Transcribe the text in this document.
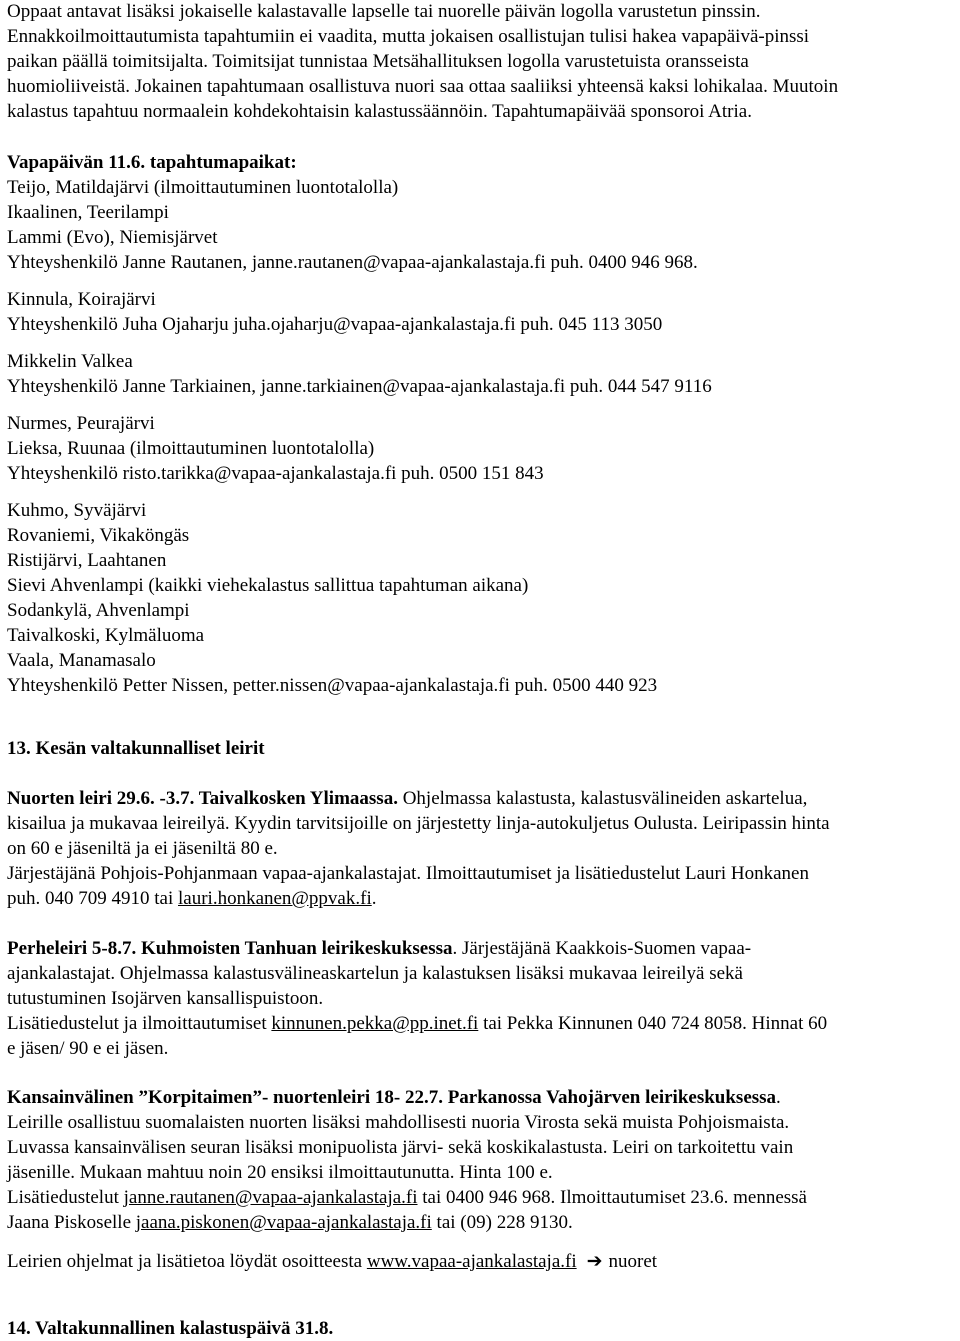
Oppaat antavat lisäksi jokaiselle kalastavalle lapselle tai nuorelle päivän logolla varustetun pinssin.

Ennakkoilmoittautumista tapahtumiin ei vaadita, mutta jokaisen osallistujan tulisi hakea vapapäivä-pinssi

paikan päällä toimitsijalta. Toimitsijat tunnistaa Metsähallituksen logolla varustetuista oransseista

huomioliiveistä. Jokainen tapahtumaan osallistuva nuori saa ottaa saaliiksi yhteensä kaksi lohikalaa. Muutoin

kalastus tapahtuu normaalein kohdekohtaisin kalastussäännöin. Tapahtumapäivää sponsoroi Atria.

Vapapäivän 11.6. tapahtumapaikat:

Teijo, Matildajärvi (ilmoittautuminen luontotalolla)

Ikaalinen, Teerilampi

Lammi (Evo), Niemisjärvet

Yhteyshenkilö Janne Rautanen, janne.rautanen@vapaa-ajankalastaja.fi puh. 0400 946 968.

Kinnula, Koirajärvi

Yhteyshenkilö Juha Ojaharju juha.ojaharju@vapaa-ajankalastaja.fi puh. 045 113 3050

Mikkelin Valkea

Yhteyshenkilö Janne Tarkiainen, janne.tarkiainen@vapaa-ajankalastaja.fi puh. 044 547 9116

Nurmes, Peurajärvi

Lieksa, Ruunaa (ilmoittautuminen luontotalolla)

Yhteyshenkilö risto.tarikka@vapaa-ajankalastaja.fi puh. 0500 151 843

Kuhmo, Syväjärvi

Rovaniemi, Vikaköngäs

Ristijärvi, Laahtanen

Sievi Ahvenlampi (kaikki viehekalastus sallittua tapahtuman aikana)

Sodankylä, Ahvenlampi

Taivalkoski, Kylmäluoma

Vaala, Manamasalo

Yhteyshenkilö Petter Nissen, petter.nissen@vapaa-ajankalastaja.fi puh. 0500 440 923

13. Kesän valtakunnalliset leirit

Nuorten leiri 29.6. -3.7. Taivalkosken Ylimaassa. Ohjelmassa kalastusta, kalastusvälineiden askartelua,

kisailua ja mukavaa leireilyä. Kyydin tarvitsijoille on järjestetty linja-autokuljetus Oulusta. Leiripassin hinta

on 60 e jäseniltä ja ei jäseniltä 80 e.

Järjestäjänä Pohjois-Pohjanmaan vapaa-ajankalastajat. Ilmoittautumiset ja lisätiedustelut Lauri Honkanen

puh. 040 709 4910 tai lauri.honkanen@ppvak.fi.

Perheleiri 5-8.7. Kuhmoisten Tanhuan leirikeskuksessa. Järjestäjänä Kaakkois-Suomen vapaa-

ajankalastajat. Ohjelmassa kalastusvälineaskartelun ja kalastuksen lisäksi mukavaa leireilyä sekä

tutustuminen Isojärven kansallispuistoon.

Lisätiedustelut ja ilmoittautumiset kinnunen.pekka@pp.inet.fi tai Pekka Kinnunen 040 724 8058. Hinnat 60

e jäsen/ 90 e ei jäsen.

Kansainvälinen ”Korpitaimen”- nuortenleiri 18- 22.7. Parkanossa Vahojärven leirikeskuksessa.

Leirille osallistuu suomalaisten nuorten lisäksi mahdollisesti nuoria Virosta sekä muista Pohjoismaista.

Luvassa kansainvälisen seuran lisäksi monipuolista järvi- sekä koskikalastusta. Leiri on tarkoitettu vain

jäsenille. Mukaan mahtuu noin 20 ensiksi ilmoittautunutta. Hinta 100 e.

Lisätiedustelut janne.rautanen@vapaa-ajankalastaja.fi tai 0400 946 968. Ilmoittautumiset 23.6. mennessä

Jaana Piskoselle jaana.piskonen@vapaa-ajankalastaja.fi tai (09) 228 9130.

Leirien ohjelmat ja lisätietoa löydät osoitteesta www.vapaa-ajankalastaja.fi ➔ nuoret

14. Valtakunnallinen kalastuspäivä 31.8.
